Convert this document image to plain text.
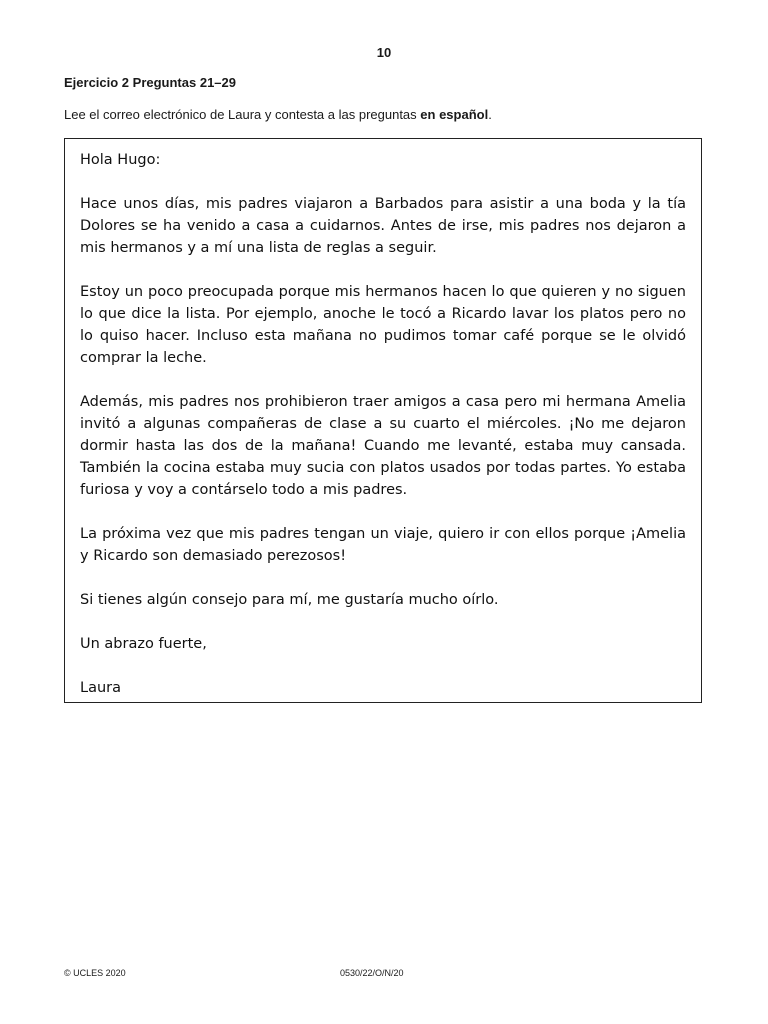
10
Ejercicio 2 Preguntas 21–29
Lee el correo electrónico de Laura y contesta a las preguntas en español.

Hola Hugo:

Hace unos días, mis padres viajaron a Barbados para asistir a una boda y la tía Dolores se ha venido a casa a cuidarnos. Antes de irse, mis padres nos dejaron a mis hermanos y a mí una lista de reglas a seguir.

Estoy un poco preocupada porque mis hermanos hacen lo que quieren y no siguen lo que dice la lista. Por ejemplo, anoche le tocó a Ricardo lavar los platos pero no lo quiso hacer. Incluso esta mañana no pudimos tomar café porque se le olvidó comprar la leche.

Además, mis padres nos prohibieron traer amigos a casa pero mi hermana Amelia invitó a algunas compañeras de clase a su cuarto el miércoles. ¡No me dejaron dormir hasta las dos de la mañana! Cuando me levanté, estaba muy cansada. También la cocina estaba muy sucia con platos usados por todas partes. Yo estaba furiosa y voy a contárselo todo a mis padres.

La próxima vez que mis padres tengan un viaje, quiero ir con ellos porque ¡Amelia y Ricardo son demasiado perezosos!

Si tienes algún consejo para mí, me gustaría mucho oírlo.

Un abrazo fuerte,

Laura

© UCLES 2020	0530/22/O/N/20
